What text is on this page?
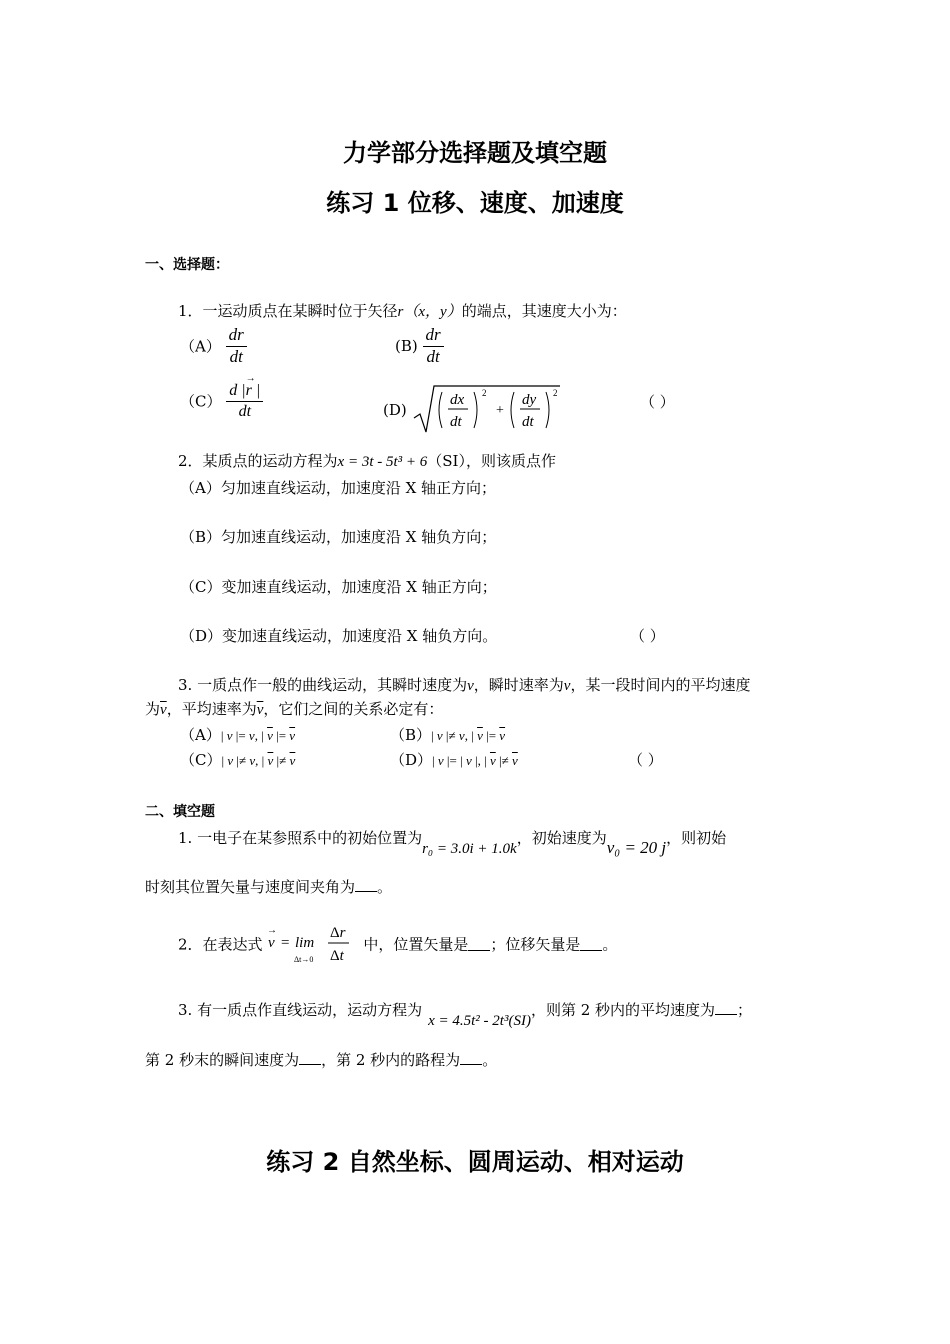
力学部分选择题及填空题
练习 1 位移、速度、加速度
一、选择题：
1．一运动质点在某瞬时位于矢径r（x，y）的端点，其速度大小为：
$(A) \frac{dr}{dt}$	$(B) \frac{dr}{dt}$
（C） d |r
→
|
dt	(D)
dx
dt
2
+
dy
dt
2	（ ）
2．某质点的运动方程为x = 3t - 5t³ + 6（SI），则该质点作
（A）匀加速直线运动，加速度沿 X 轴正方向；
（B）匀加速直线运动，加速度沿 X 轴负方向；
（C）变加速直线运动，加速度沿 X 轴正方向；
（D）变加速直线运动，加速度沿 X 轴负方向。	（ ）
3. 一质点作一般的曲线运动，其瞬时速度为v，瞬时速率为v，某一段时间内的平均速度
为$\overline{v}$，平均速率为$\overline{v}$，它们之间的关系必定有：
（A）| v |= v, | $\overline{v}$ |= $\overline{v}$	（B）| v |≠ v, | $\overline{v}$ |= $\overline{v}$
（C）| v |≠ v, | $\overline{v}$ |≠ $\overline{v}$	（D）| v |= | v |, | $\overline{v}$ |≠ $\overline{v}$	（ ）
二、填空题
1. 一电子在某参照系中的初始位置为r₀ = 3.0i + 1.0k，初始速度为v₀ = 20 j，则初始
时刻其位置矢量与速度间夹角为 。
2．在表达式 v
→
= lim
Δt→0
Δr
Δt
中，位置矢量是 ；位移矢量是 。
3. 有一质点作直线运动，运动方程为x = 4.5t² - 2t³(SI)，则第 2 秒内的平均速度为 ；
第 2 秒末的瞬间速度为 ，第 2 秒内的路程为 。
练习 2 自然坐标、圆周运动、相对运动
